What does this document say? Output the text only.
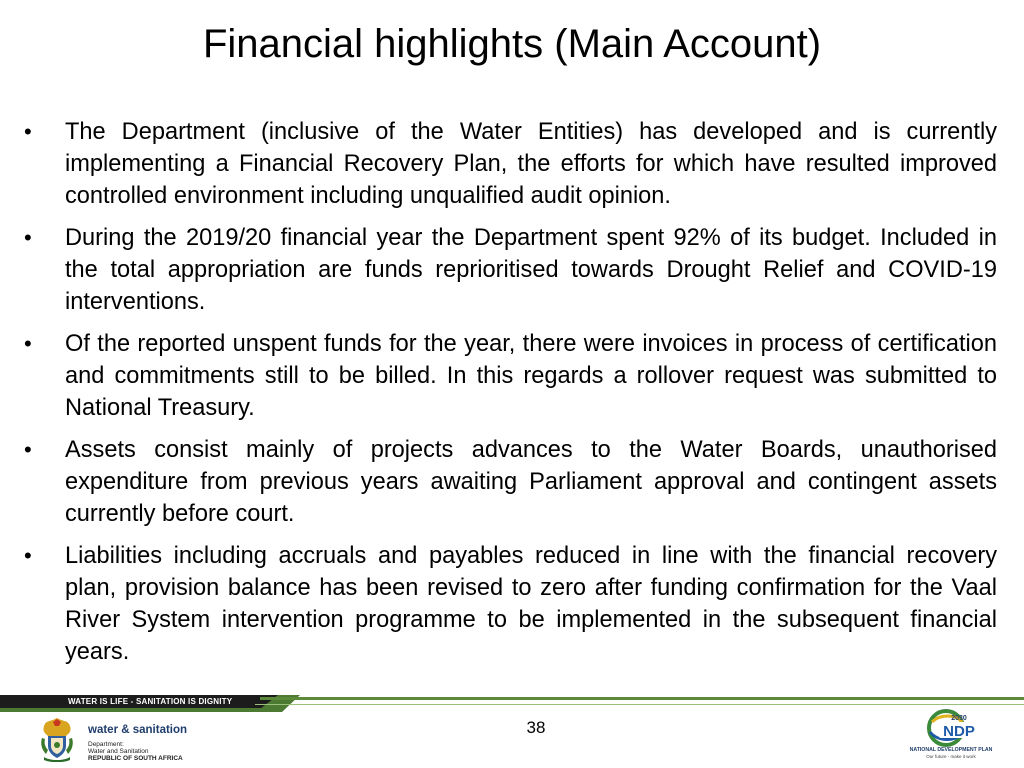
Financial highlights (Main Account)
•	The Department (inclusive of the Water Entities) has developed and is currently implementing a Financial Recovery Plan, the efforts for which have resulted improved controlled environment including unqualified audit opinion.
•	During the 2019/20 financial year the Department spent 92% of its budget. Included in the total appropriation are funds reprioritised towards Drought Relief and COVID-19 interventions.
•	Of the reported unspent funds for the year, there were invoices in process of certification and commitments still to be billed. In this regards a rollover request was submitted to National Treasury.
•	Assets consist mainly of projects advances to the Water Boards, unauthorised expenditure from previous years awaiting Parliament approval and contingent assets currently before court.
•	Liabilities including accruals and payables reduced in line with the financial recovery plan, provision balance has been revised to zero after funding confirmation for the Vaal River System intervention programme to be implemented in the subsequent financial years.
WATER IS LIFE - SANITATION IS DIGNITY
water & sanitation
Department:
Water and Sanitation
REPUBLIC OF SOUTH AFRICA
38	2030
NDP
NATIONAL DEVELOPMENT PLAN
Our future - make it work
